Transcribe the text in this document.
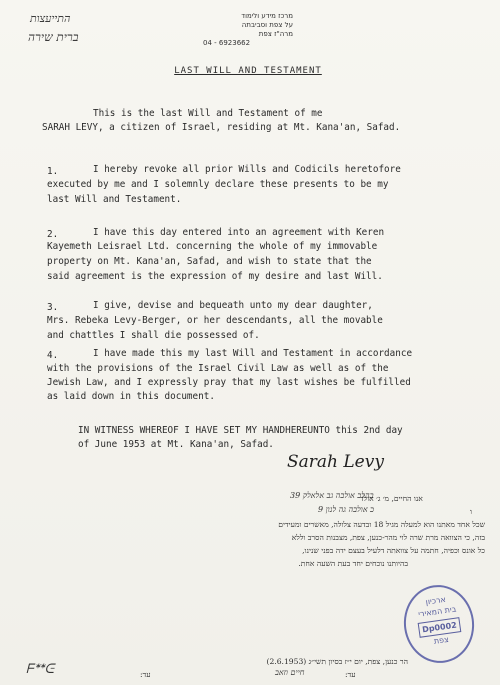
התייעצות
ברית שירה
מרכז מידע ולימוד
על צפת וסביבתה
מרה"ז צפת
04 - 6923662
LAST WILL AND TESTAMENT
This is the last Will and Testament of me
SARAH LEVY, a citizen of Israel, residing at Mt. Kana'an, Safad.
1.	I hereby revoke all prior Wills and Codicils heretofore
executed by me and I solemnly declare these presents to be my
last Will and Testament.
2.	I have this day entered into an agreement with Keren
Kayemeth Leisrael Ltd. concerning the whole of my immovable
property on Mt. Kana'an, Safad, and wish to state that the
said agreement is the expression of my desire and last Will.
3.	I give, devise and bequeath unto my dear daughter,
Mrs. Rebeka Levy-Berger, or her descendants, all the movable
and chattles I shall die possessed of.
4.	I have made this my last Will and Testament in accordance
with the provisions of the Israel Civil Law as well as of the
Jewish Law, and I expressly pray that my last wishes be fulfilled
as laid down in this document.
IN WITNESS WHEREOF I HAVE SET MY HANDHEREUNTO this 2nd day
of June 1953 at Mt. Kana'an, Safad.
Sarah Levy
בהלכ אולבה גב אלאלק 39
כ אולבה גה לנון 9
אנו החיים, מ׳ ג׳ אולד
ו
שכל אחד מאתנו הוא למעלה מגיל 18 ובדעה צלולה, מאשרים ומעידים
בזה, כי הצוואה מרת שרה לוי מהר-כנען, צפת, מצבנות הסרב וללא
כל אונס וכפיה, חתמה על צוואתה דלעיל בעצם ידה בפני שנינו,
בהיותנו נוכחים יחד בעת השעה אחת.
הר כנען, צפת, יום י״ז בסיון תשי״ג (2.6.1953)
עד:
חיים וזאב
עד:
ᖴᕯᕮ
ארכיון
בית המאירי
Dp0002
צפת
